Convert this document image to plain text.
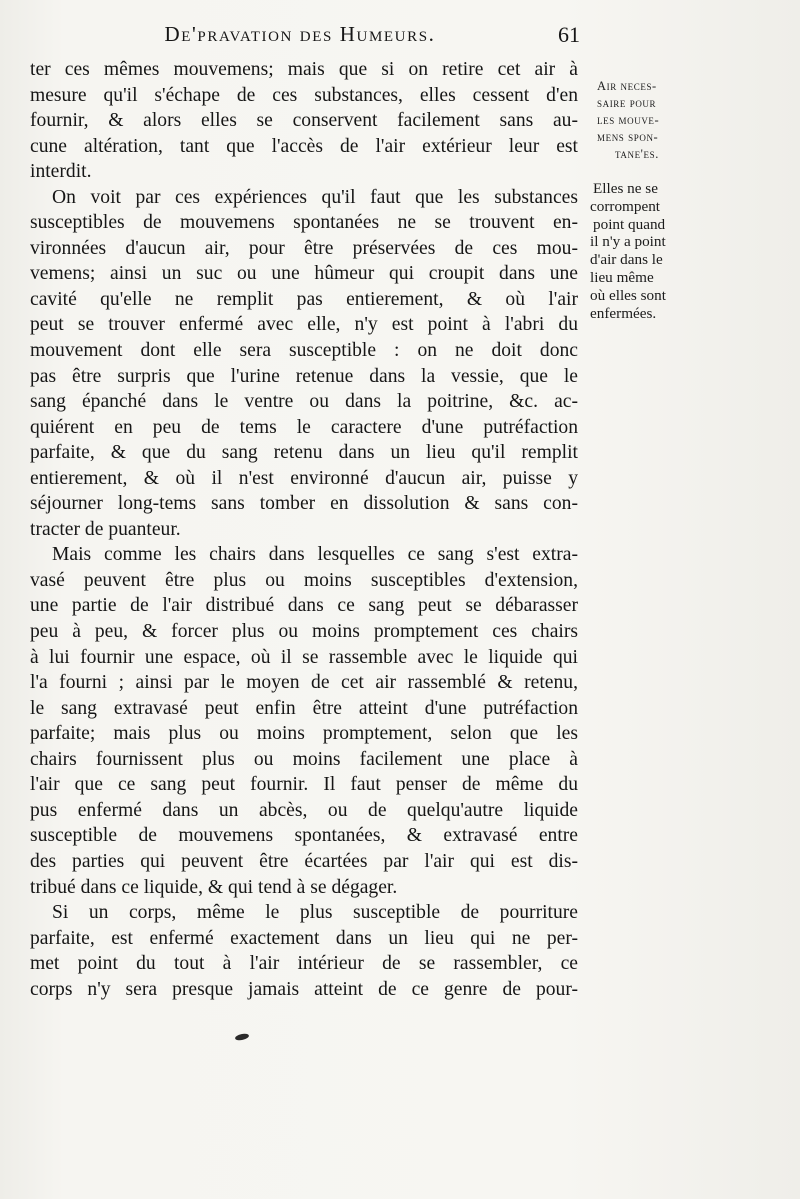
De'pravation des Humeurs.	61

ter ces mêmes mouvemens; mais que si on retire cet air à
mesure qu'il s'échape de ces substances, elles cessent d'en
fournir, & alors elles se conservent facilement sans au-
cune altération, tant que l'accès de l'air extérieur leur est
interdit.

On voit par ces expériences qu'il faut que les substances
susceptibles de mouvemens spontanées ne se trouvent en-
vironnées d'aucun air, pour être préservées de ces mou-
vemens; ainsi un suc ou une hûmeur qui croupit dans une
cavité qu'elle ne remplit pas entierement, & où l'air
peut se trouver enfermé avec elle, n'y est point à l'abri du
mouvement dont elle sera susceptible : on ne doit donc
pas être surpris que l'urine retenue dans la vessie, que le
sang épanché dans le ventre ou dans la poitrine, &c. ac-
quiérent en peu de tems le caractere d'une putréfaction
parfaite, & que du sang retenu dans un lieu qu'il remplit
entierement, & où il n'est environné d'aucun air, puisse y
séjourner long-tems sans tomber en dissolution & sans con-
tracter de puanteur.

Mais comme les chairs dans lesquelles ce sang s'est extra-
vasé peuvent être plus ou moins susceptibles d'extension,
une partie de l'air distribué dans ce sang peut se débarasser
peu à peu, & forcer plus ou moins promptement ces chairs
à lui fournir une espace, où il se rassemble avec le liquide qui
l'a fourni ; ainsi par le moyen de cet air rassemblé & retenu,
le sang extravasé peut enfin être atteint d'une putréfaction
parfaite; mais plus ou moins promptement, selon que les
chairs fournissent plus ou moins facilement une place à
l'air que ce sang peut fournir. Il faut penser de même du
pus enfermé dans un abcès, ou de quelqu'autre liquide
susceptible de mouvemens spontanées, & extravasé entre
des parties qui peuvent être écartées par l'air qui est dis-
tribué dans ce liquide, & qui tend à se dégager.

Si un corps, même le plus susceptible de pourriture
parfaite, est enfermé exactement dans un lieu qui ne per-
met point du tout à l'air intérieur de se rassembler, ce
corps n'y sera presque jamais atteint de ce genre de pour-

Air neces-
saire pour
les mouve-
mens spon-
tane'es.
Elles ne se
corrompent
point quand
il n'y a point
d'air dans le
lieu même
où elles sont
enfermées.
